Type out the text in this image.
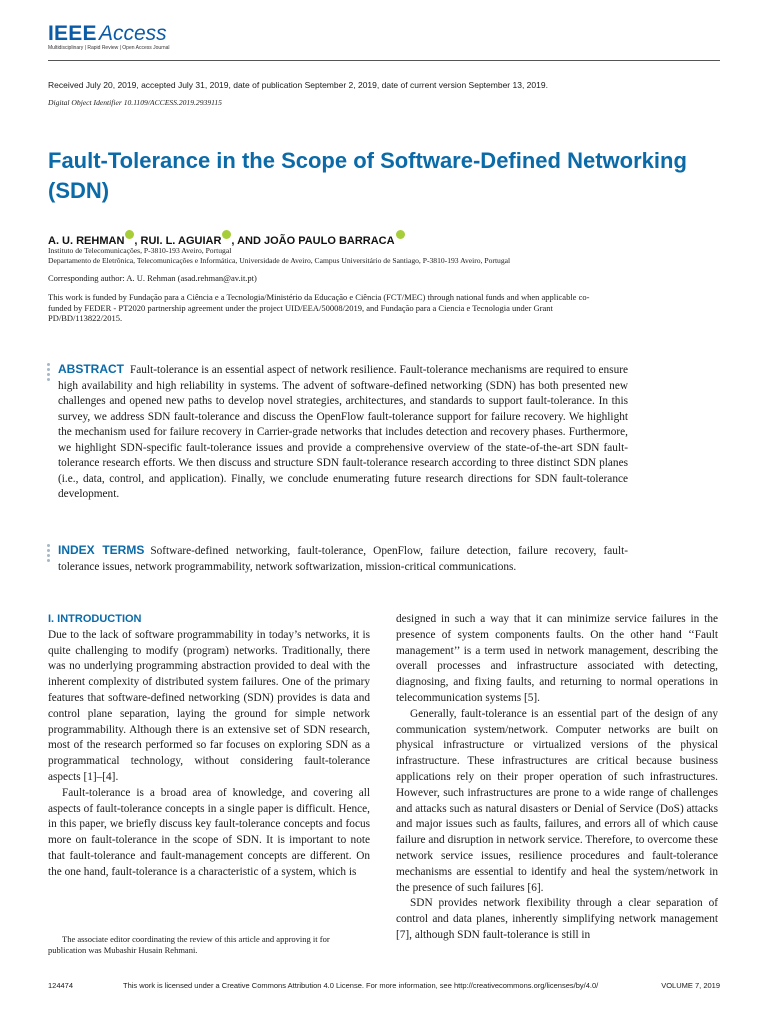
IEEE Access
Multidisciplinary | Rapid Review | Open Access Journal
Received July 20, 2019, accepted July 31, 2019, date of publication September 2, 2019, date of current version September 13, 2019.
Digital Object Identifier 10.1109/ACCESS.2019.2939115
Fault-Tolerance in the Scope of Software-Defined Networking (SDN)
A. U. REHMAN , RUI. L. AGUIAR , AND JOÃO PAULO BARRACA
Instituto de Telecomunicações, P-3810-193 Aveiro, Portugal
Departamento de Eletrônica, Telecomunicações e Informática, Universidade de Aveiro, Campus Universitário de Santiago, P-3810-193 Aveiro, Portugal
Corresponding author: A. U. Rehman (asad.rehman@av.it.pt)
This work is funded by Fundação para a Ciência e a Tecnologia/Ministério da Educação e Ciência (FCT/MEC) through national funds and when applicable co-funded by FEDER - PT2020 partnership agreement under the project UID/EEA/50008/2019, and Fundação para a Ciencia e Tecnologia under Grant PD/BD/113822/2015.
ABSTRACT Fault-tolerance is an essential aspect of network resilience. Fault-tolerance mechanisms are required to ensure high availability and high reliability in systems. The advent of software-defined networking (SDN) has both presented new challenges and opened new paths to develop novel strategies, architectures, and standards to support fault-tolerance. In this survey, we address SDN fault-tolerance and discuss the OpenFlow fault-tolerance support for failure recovery. We highlight the mechanism used for failure recovery in Carrier-grade networks that includes detection and recovery phases. Furthermore, we highlight SDN-specific fault-tolerance issues and provide a comprehensive overview of the state-of-the-art SDN fault-tolerance research efforts. We then discuss and structure SDN fault-tolerance research according to three distinct SDN planes (i.e., data, control, and application). Finally, we conclude enumerating future research directions for SDN fault-tolerance development.
INDEX TERMS Software-defined networking, fault-tolerance, OpenFlow, failure detection, failure recovery, fault-tolerance issues, network programmability, network softwarization, mission-critical communications.
I. INTRODUCTION

Due to the lack of software programmability in today’s networks, it is quite challenging to modify (program) networks. Traditionally, there was no underlying programming abstraction provided to deal with the inherent complexity of distributed system failures. One of the primary features that software-defined networking (SDN) provides is data and control plane separation, laying the ground for simple network programmability. Although there is an extensive set of SDN research, most of the research performed so far focuses on exploring SDN as a programmatical technology, without considering fault-tolerance aspects [1]–[4].

Fault-tolerance is a broad area of knowledge, and covering all aspects of fault-tolerance concepts in a single paper is difficult. Hence, in this paper, we briefly discuss key fault-tolerance concepts and focus more on fault-tolerance in the scope of SDN. It is important to note that fault-tolerance and fault-management concepts are different. On the one hand, fault-tolerance is a characteristic of a system, which is

The associate editor coordinating the review of this article and approving it for publication was Mubashir Husain Rehmani.

designed in such a way that it can minimize service failures in the presence of system components faults. On the other hand ‘‘Fault management’’ is a term used in network management, describing the overall processes and infrastructure associated with detecting, diagnosing, and fixing faults, and returning to normal operations in telecommunication systems [5].

Generally, fault-tolerance is an essential part of the design of any communication system/network. Computer networks are built on physical infrastructure or virtualized versions of the physical infrastructure. These infrastructures are critical because business applications rely on their proper operation of such infrastructures. However, such infrastructures are prone to a wide range of challenges and attacks such as natural disasters or Denial of Service (DoS) attacks and major issues such as faults, failures, and errors all of which cause failure and disruption in network service. Therefore, to overcome these network service issues, resilience procedures and fault-tolerance mechanisms are essential to identify and heal the system/network in the presence of such failures [6].

SDN provides network flexibility through a clear separation of control and data planes, inherently simplifying network management [7], although SDN fault-tolerance is still in

124474	This work is licensed under a Creative Commons Attribution 4.0 License. For more information, see http://creativecommons.org/licenses/by/4.0/	VOLUME 7, 2019
